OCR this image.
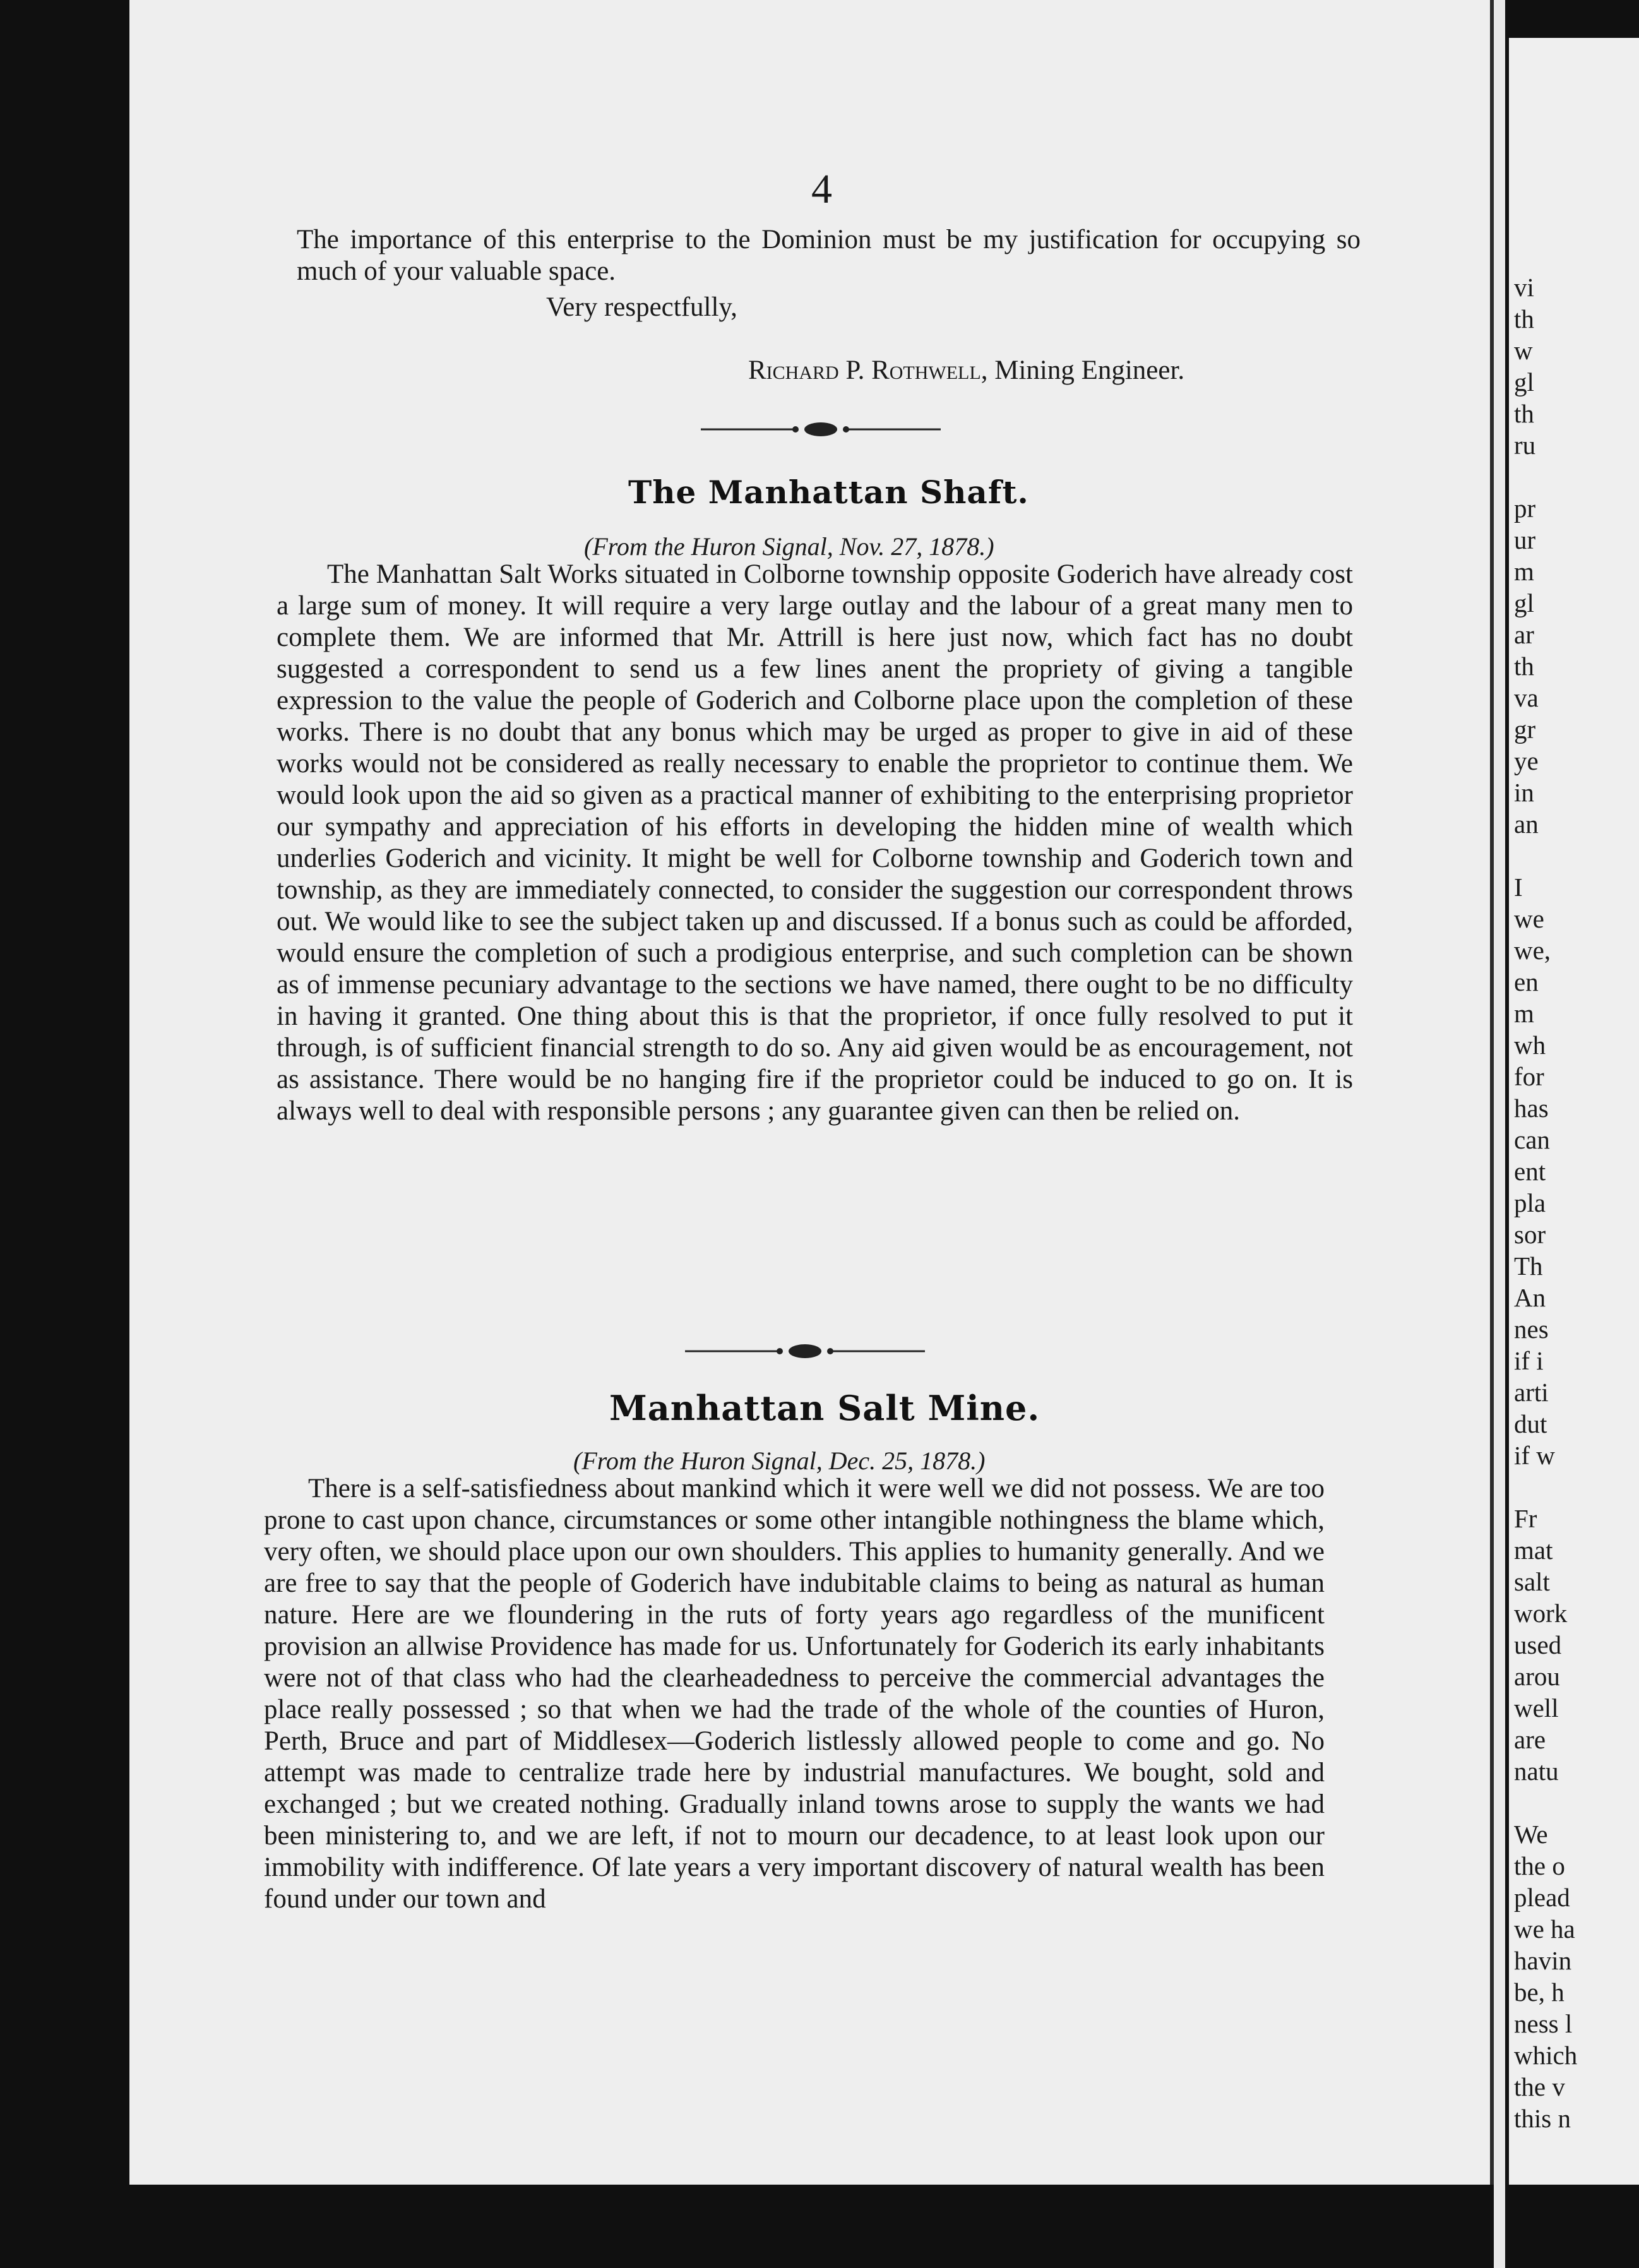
vi
th
w
gl
th
ru
pr
ur
m
gl
ar
th
va
gr
ye
in
an
I
we
we,
en
m
wh
for
has
can
ent
pla
sor
Th
An
nes
if i
arti
dut
if w
Fr
mat
salt
work
used
arou
well
are
natu
We
the o
plead
we ha
havin
be, h
ness l
which
the v
this n
4
The importance of this enterprise to the Dominion must be my justification for occupying so much of your valuable space.
Very respectfully,
Richard P. Rothwell, Mining Engineer.
The Manhattan Shaft.
(From the Huron Signal, Nov. 27, 1878.)
The Manhattan Salt Works situated in Colborne township opposite Goderich have already cost a large sum of money. It will require a very large outlay and the labour of a great many men to complete them. We are informed that Mr. Attrill is here just now, which fact has no doubt suggested a correspondent to send us a few lines anent the propriety of giving a tangible expression to the value the people of Goderich and Colborne place upon the completion of these works. There is no doubt that any bonus which may be urged as proper to give in aid of these works would not be considered as really necessary to enable the proprietor to continue them. We would look upon the aid so given as a practical manner of exhibiting to the enterprising proprietor our sympathy and appreciation of his efforts in developing the hidden mine of wealth which underlies Goderich and vicinity. It might be well for Colborne township and Goderich town and township, as they are immediately connected, to consider the suggestion our correspondent throws out. We would like to see the subject taken up and discussed. If a bonus such as could be afforded, would ensure the completion of such a prodigious enterprise, and such completion can be shown as of immense pecuniary advantage to the sections we have named, there ought to be no difficulty in having it granted. One thing about this is that the proprietor, if once fully resolved to put it through, is of sufficient financial strength to do so. Any aid given would be as encouragement, not as assistance. There would be no hanging fire if the proprietor could be induced to go on. It is always well to deal with responsible persons ; any guarantee given can then be relied on.
Manhattan Salt Mine.
(From the Huron Signal, Dec. 25, 1878.)
There is a self-satisfiedness about mankind which it were well we did not possess. We are too prone to cast upon chance, circumstances or some other intangible nothingness the blame which, very often, we should place upon our own shoulders. This applies to humanity generally. And we are free to say that the people of Goderich have indubitable claims to being as natural as human nature. Here are we floundering in the ruts of forty years ago regardless of the munificent provision an allwise Providence has made for us. Unfortunately for Goderich its early inhabitants were not of that class who had the clearheadedness to perceive the commercial advantages the place really possessed ; so that when we had the trade of the whole of the counties of Huron, Perth, Bruce and part of Middlesex—Goderich listlessly allowed people to come and go. No attempt was made to centralize trade here by industrial manufactures. We bought, sold and exchanged ; but we created nothing. Gradually inland towns arose to supply the wants we had been ministering to, and we are left, if not to mourn our decadence, to at least look upon our immobility with indifference. Of late years a very important discovery of natural wealth has been found under our town and
